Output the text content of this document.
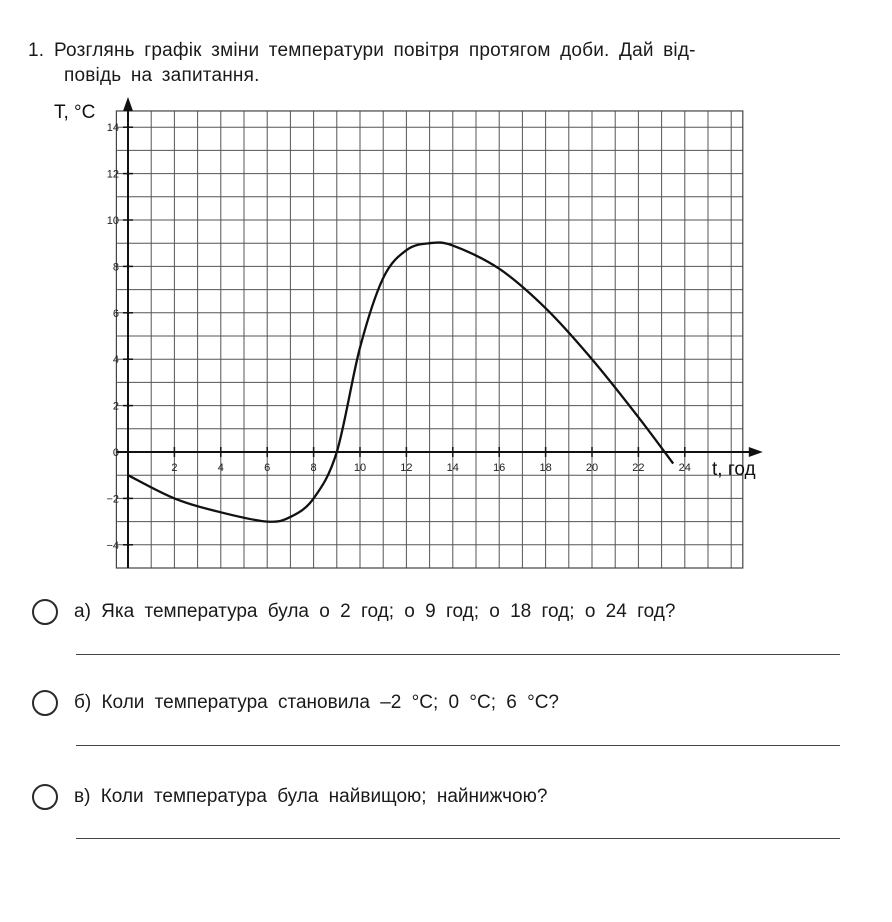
1. Розглянь графік зміни температури повітря протягом доби. Дай від-
повідь на запитання.
2	4	6	8	10	12	14	16	18	20	22	24
−4
−2
0
2
4
6
8
10
12
14
T, °C
t, год
а) Яка температура була о 2 год; о 9 год; о 18 год; о 24 год?
б) Коли температура становила –2 °С; 0 °С; 6 °С?
в) Коли температура була найвищою; найнижчою?
